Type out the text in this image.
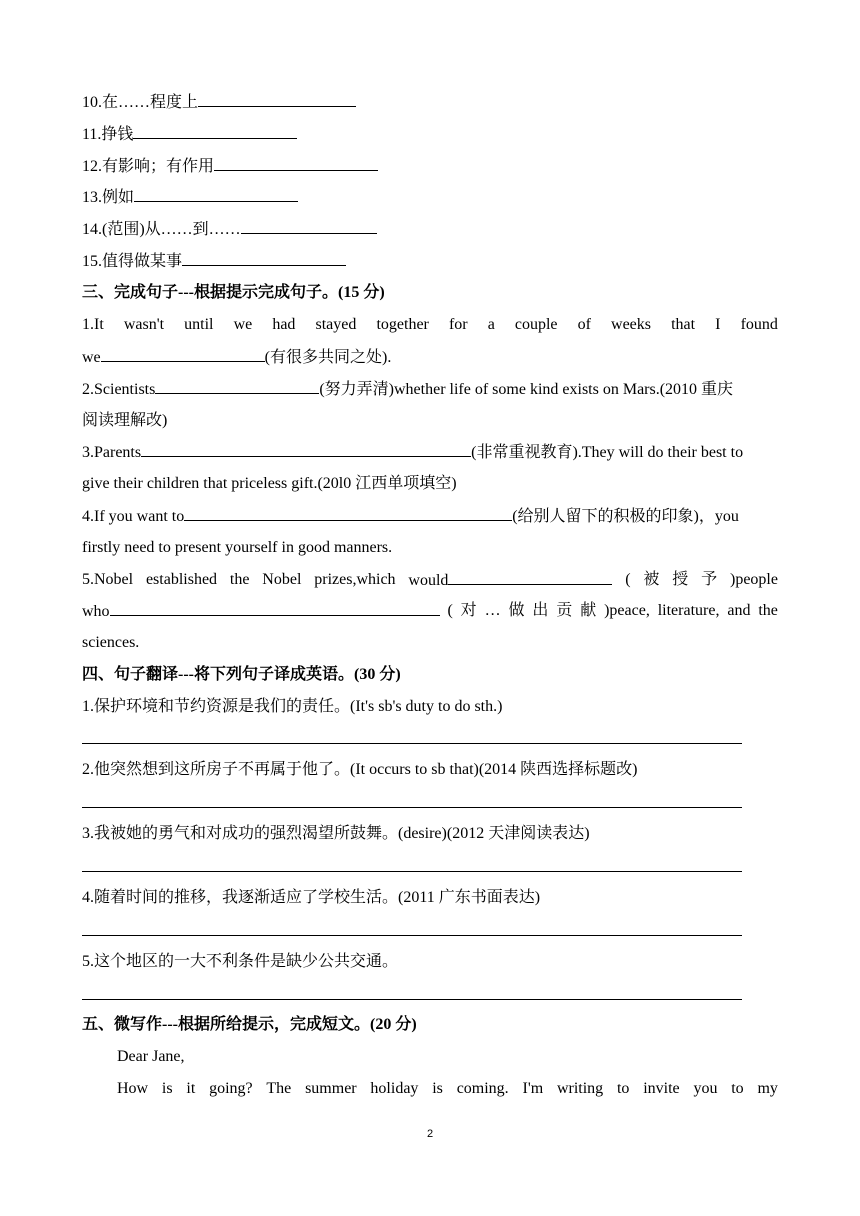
10.在……程度上
11.挣钱
12.有影响；有作用
13.例如
14.(范围)从……到……
15.值得做某事
三、完成句子---根据提示完成句子。(15 分)
1.It wasn't until we had stayed together for a couple of weeks that I found
we	(有很多共同之处).
2.Scientists	(努力弄清)whether life of some kind exists on Mars.(2010 重庆
阅读理解改)
3.Parents	(非常重视教育).They will do their best to
give their children that priceless gift.(20l0 江西单项填空)
4.If you want to	(给别人留下的积极的印象)，you
firstly need to present yourself in good manners.
5.Nobel established the Nobel prizes,which would	( 被 授 予 )people
who	( 对 … 做 出 贡 献 )peace, literature, and the
sciences.
四、句子翻译---将下列句子译成英语。(30 分)
1.保护环境和节约资源是我们的责任。(It's sb's duty to do sth.)
2.他突然想到这所房子不再属于他了。(It occurs to sb that)(2014 陕西选择标题改)
3.我被她的勇气和对成功的强烈渴望所鼓舞。(desire)(2012 天津阅读表达)
4.随着时间的推移，我逐渐适应了学校生活。(2011 广东书面表达)
5.这个地区的一大不利条件是缺少公共交通。
五、微写作---根据所给提示，完成短文。(20 分)
Dear Jane,
How is it going? The summer holiday is coming. I'm writing to invite you to my
2
